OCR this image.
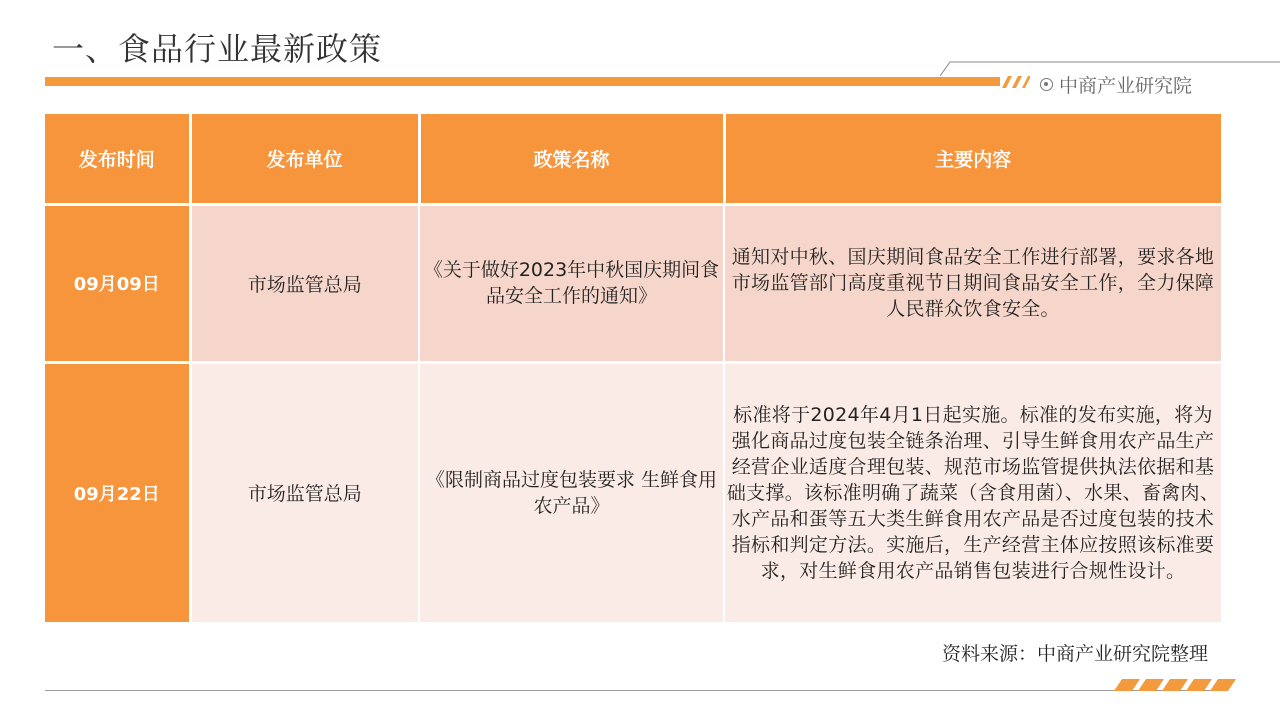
一、食品行业最新政策
中商产业研究院
发布时间	发布单位	政策名称	主要内容
09月09日	市场监管总局	《关于做好2023年中秋国庆期间食品安全工作的通知》	通知对中秋、国庆期间食品安全工作进行部署，要求各地市场监管部门高度重视节日期间食品安全工作，全力保障人民群众饮食安全。
09月22日	市场监管总局	《限制商品过度包装要求 生鲜食用农产品》	标准将于2024年4月1日起实施。标准的发布实施，将为强化商品过度包装全链条治理、引导生鲜食用农产品生产经营企业适度合理包装、规范市场监管提供执法依据和基础支撑。该标准明确了蔬菜（含食用菌）、水果、畜禽肉、水产品和蛋等五大类生鲜食用农产品是否过度包装的技术指标和判定方法。实施后，生产经营主体应按照该标准要求，对生鲜食用农产品销售包装进行合规性设计。
资料来源：中商产业研究院整理
